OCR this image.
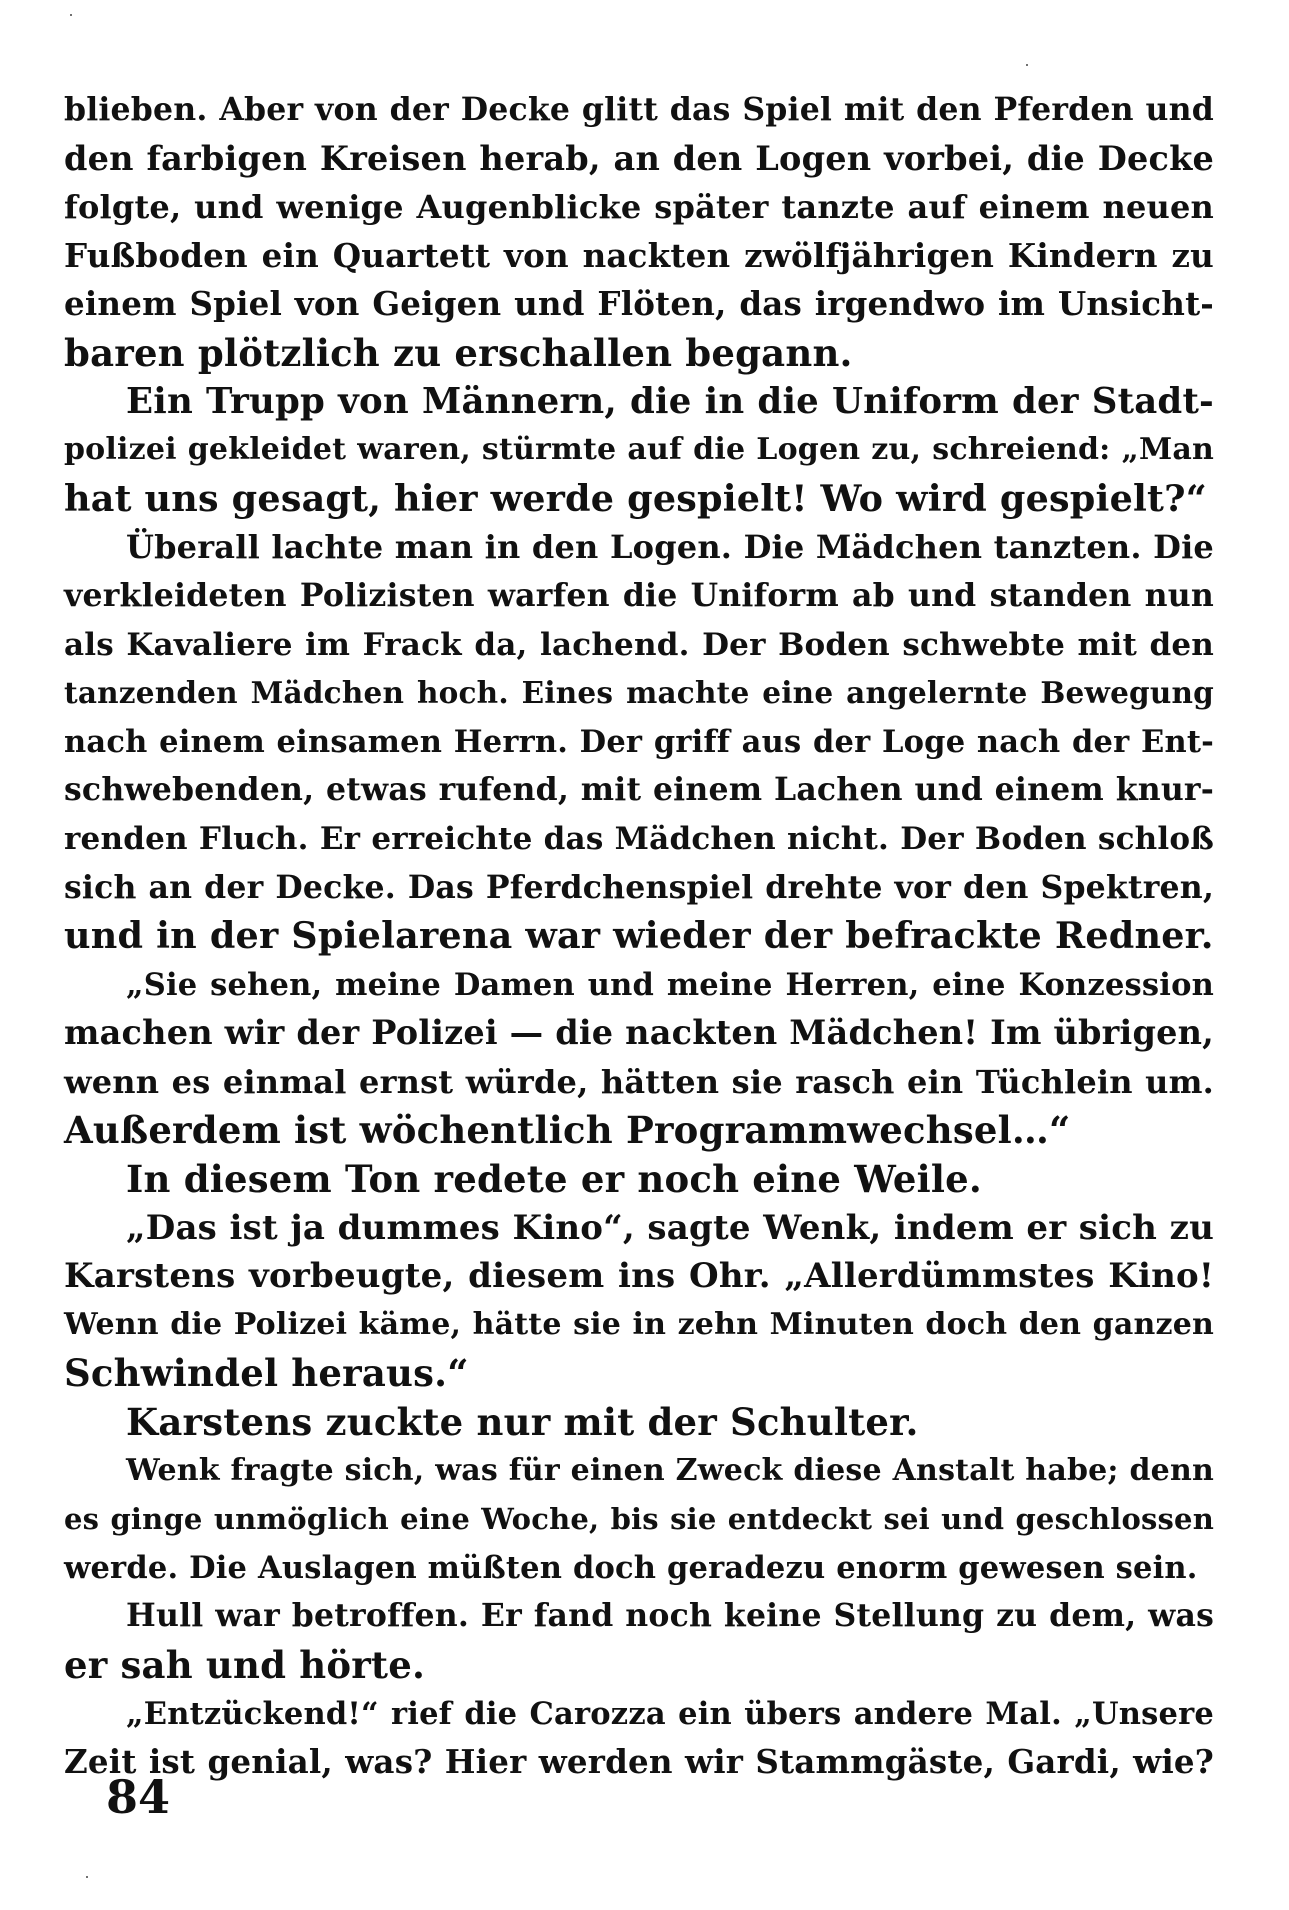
blieben. Aber von der Decke glitt das Spiel mit den Pferden und
den farbigen Kreisen herab, an den Logen vorbei, die Decke
folgte, und wenige Augenblicke später tanzte auf einem neuen
Fußboden ein Quartett von nackten zwölfjährigen Kindern zu
einem Spiel von Geigen und Flöten, das irgendwo im Unsicht-
baren plötzlich zu erschallen begann.
Ein Trupp von Männern, die in die Uniform der Stadt-
polizei gekleidet waren, stürmte auf die Logen zu, schreiend: „Man
hat uns gesagt, hier werde gespielt! Wo wird gespielt?“
Überall lachte man in den Logen. Die Mädchen tanzten. Die
verkleideten Polizisten warfen die Uniform ab und standen nun
als Kavaliere im Frack da, lachend. Der Boden schwebte mit den
tanzenden Mädchen hoch. Eines machte eine angelernte Bewegung
nach einem einsamen Herrn. Der griff aus der Loge nach der Ent-
schwebenden, etwas rufend, mit einem Lachen und einem knur-
renden Fluch. Er erreichte das Mädchen nicht. Der Boden schloß
sich an der Decke. Das Pferdchenspiel drehte vor den Spektren,
und in der Spielarena war wieder der befrackte Redner.
„Sie sehen, meine Damen und meine Herren, eine Konzession
machen wir der Polizei — die nackten Mädchen! Im übrigen,
wenn es einmal ernst würde, hätten sie rasch ein Tüchlein um.
Außerdem ist wöchentlich Programmwechsel…“
In diesem Ton redete er noch eine Weile.
„Das ist ja dummes Kino“, sagte Wenk, indem er sich zu
Karstens vorbeugte, diesem ins Ohr. „Allerdümmstes Kino!
Wenn die Polizei käme, hätte sie in zehn Minuten doch den ganzen
Schwindel heraus.“
Karstens zuckte nur mit der Schulter.
Wenk fragte sich, was für einen Zweck diese Anstalt habe; denn
es ginge unmöglich eine Woche, bis sie entdeckt sei und geschlossen
werde. Die Auslagen müßten doch geradezu enorm gewesen sein.
Hull war betroffen. Er fand noch keine Stellung zu dem, was
er sah und hörte.
„Entzückend!“ rief die Carozza ein übers andere Mal. „Unsere
Zeit ist genial, was? Hier werden wir Stammgäste, Gardi, wie?
84
